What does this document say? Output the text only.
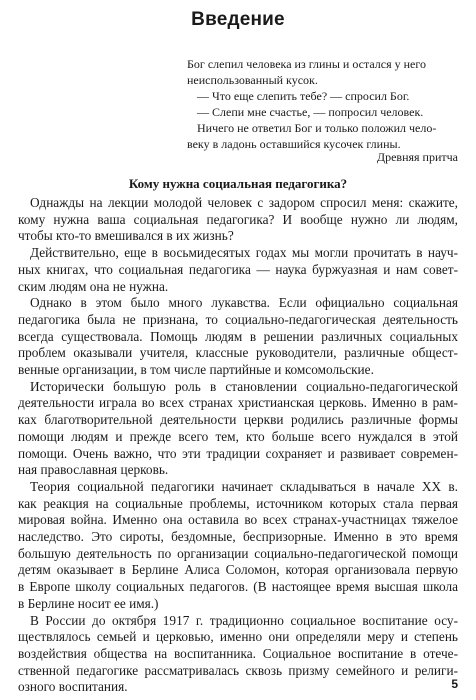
Введение

Бог слепил человека из глины и остался у него

неиспользованный кусок.

— Что еще слепить тебе? — спросил Бог.

— Слепи мне счастье, — попросил человек.

Ничего не ответил Бог и только положил чело-

веку в ладонь оставшийся кусочек глины.

Древняя притча
Кому нужна социальная педагогика?

Однажды на лекции молодой человек с задором спросил меня: скажите,
кому нужна ваша социальная педагогика? И вообще нужно ли людям,
чтобы кто-то вмешивался в их жизнь?

Действительно, еще в восьмидесятых годах мы могли прочитать в науч-
ных книгах, что социальная педагогика — наука буржуазная и нам совет-
ским людям она не нужна.

Однако в этом было много лукавства. Если официально социальная
педагогика была не признана, то социально-педагогическая деятельность
всегда существовала. Помощь людям в решении различных социальных
проблем оказывали учителя, классные руководители, различные общест-
венные организации, в том числе партийные и комсомольские.

Исторически большую роль в становлении социально-педагогической
деятельности играла во всех странах христианская церковь. Именно в рам-
ках благотворительной деятельности церкви родились различные формы
помощи людям и прежде всего тем, кто больше всего нуждался в этой
помощи. Очень важно, что эти традиции сохраняет и развивает современ-
ная православная церковь.

Теория социальной педагогики начинает складываться в начале XX в.
как реакция на социальные проблемы, источником которых стала первая
мировая война. Именно она оставила во всех странах-участницах тяжелое
наследство. Это сироты, бездомные, беспризорные. Именно в это время
большую деятельность по организации социально-педагогической помощи
детям оказывает в Берлине Алиса Соломон, которая организовала первую
в Европе школу социальных педагогов. (В настоящее время высшая школа
в Берлине носит ее имя.)

В России до октября 1917 г. традиционно социальное воспитание осу-
ществлялось семьей и церковью, именно они определяли меру и степень
воздействия общества на воспитанника. Социальное воспитание в отече-
ственной педагогике рассматривалась сквозь призму семейного и религи-
озного воспитания.	5
